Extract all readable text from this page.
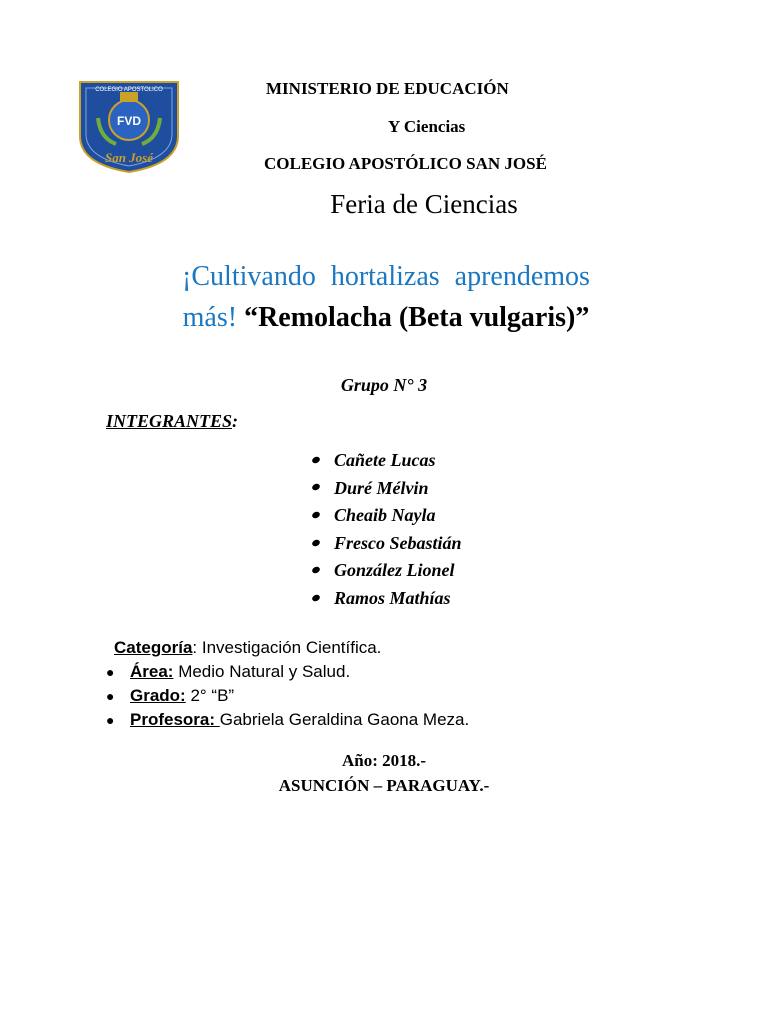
COLEGIO APOSTOLICO
FVD
San José
MINISTERIO DE EDUCACIÓN
Y Ciencias
COLEGIO APOSTÓLICO SAN JOSÉ
Feria de Ciencias
¡Cultivando hortalizas aprendemos
más! “Remolacha (Beta vulgaris)”
Grupo N° 3
INTEGRANTES:
Cañete Lucas
Duré Mélvin
Cheaib Nayla
Fresco Sebastián
González Lionel
Ramos Mathías
Categoría: Investigación Científica.
● Área: Medio Natural y Salud.
● Grado: 2° “B”
● Profesora: Gabriela Geraldina Gaona Meza.
Año: 2018.-
ASUNCIÓN – PARAGUAY.-
